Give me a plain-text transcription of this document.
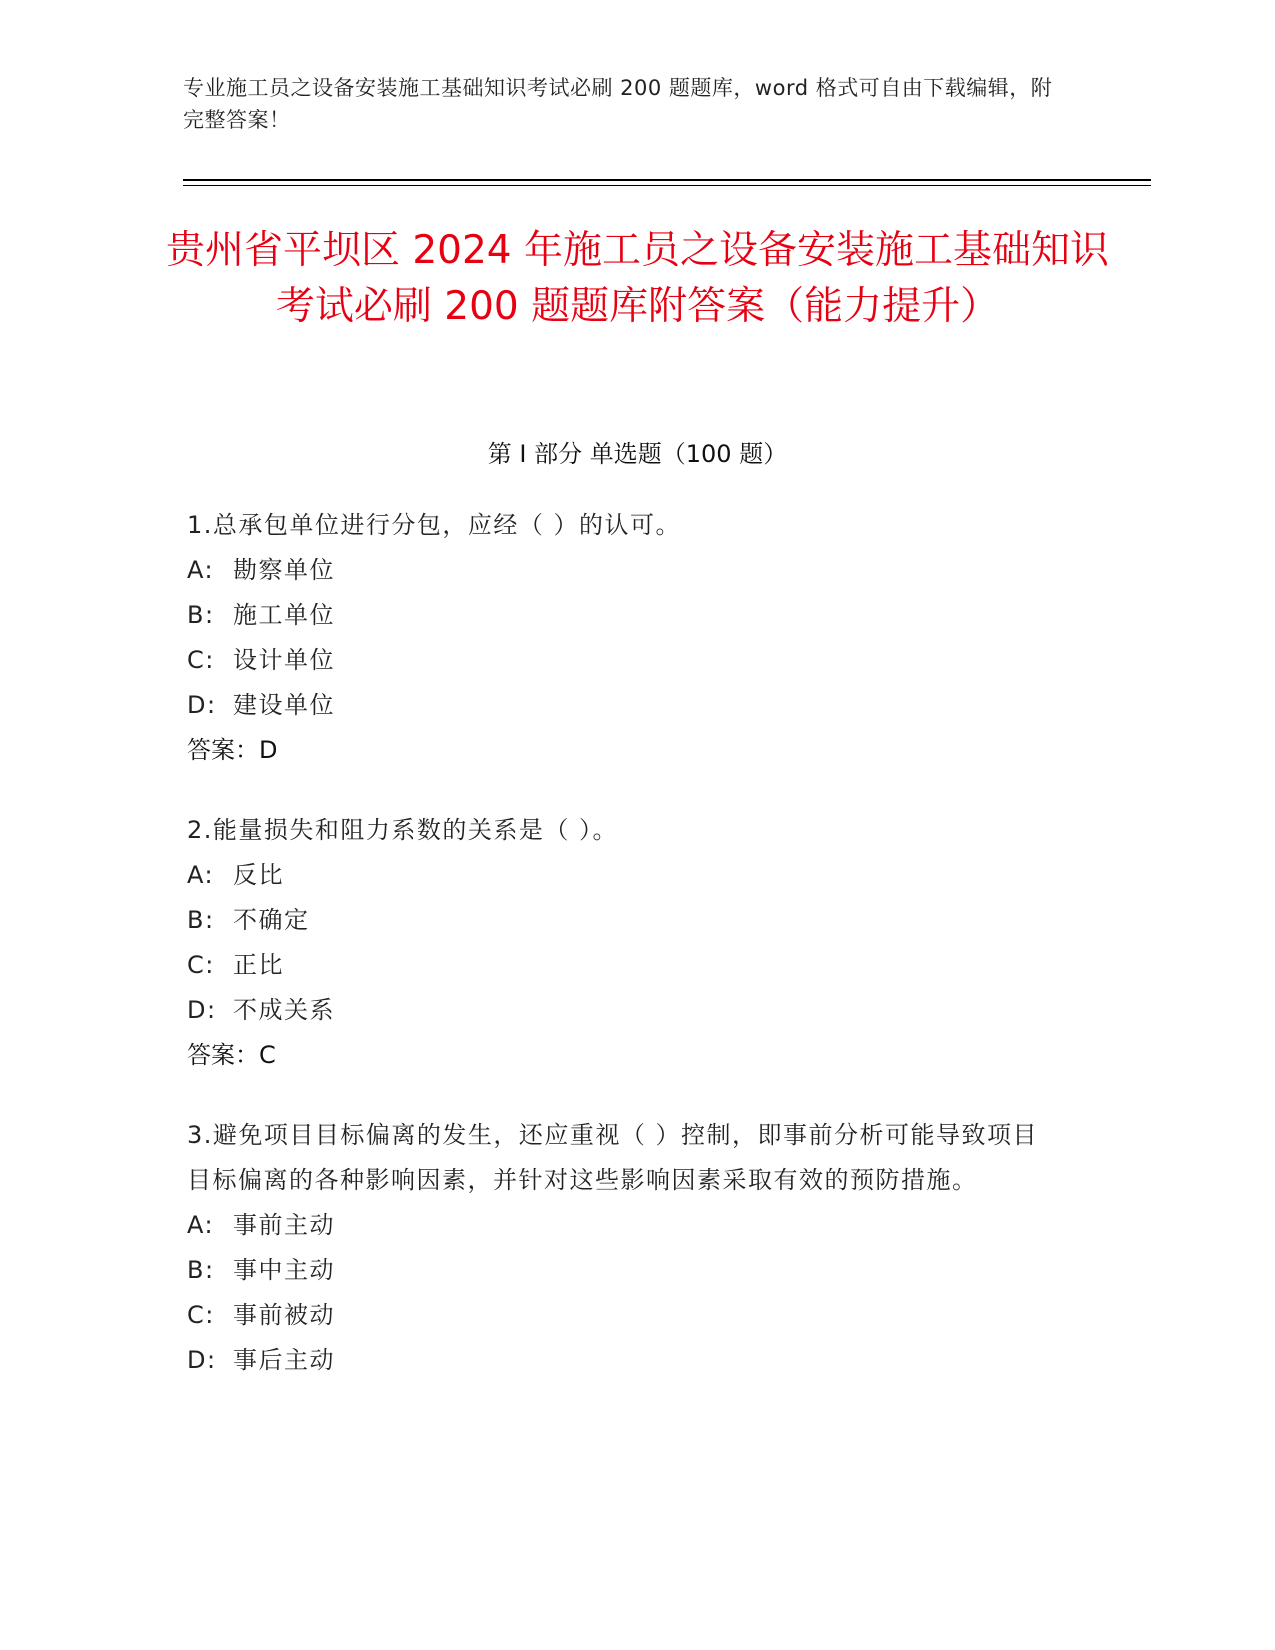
专业施工员之设备安装施工基础知识考试必刷 200 题题库，word 格式可自由下载编辑，附完整答案！
贵州省平坝区 2024 年施工员之设备安装施工基础知识考试必刷 200 题题库附答案（能力提升）
第 I 部分 单选题（100 题）
1.总承包单位进行分包，应经（ ）的认可。
A: 勘察单位
B: 施工单位
C: 设计单位
D: 建设单位
答案：D
2.能量损失和阻力系数的关系是（ ）。
A: 反比
B: 不确定
C: 正比
D: 不成关系
答案：C
3.避免项目目标偏离的发生，还应重视（ ）控制，即事前分析可能导致项目目标偏离的各种影响因素，并针对这些影响因素采取有效的预防措施。
A: 事前主动
B: 事中主动
C: 事前被动
D: 事后主动
